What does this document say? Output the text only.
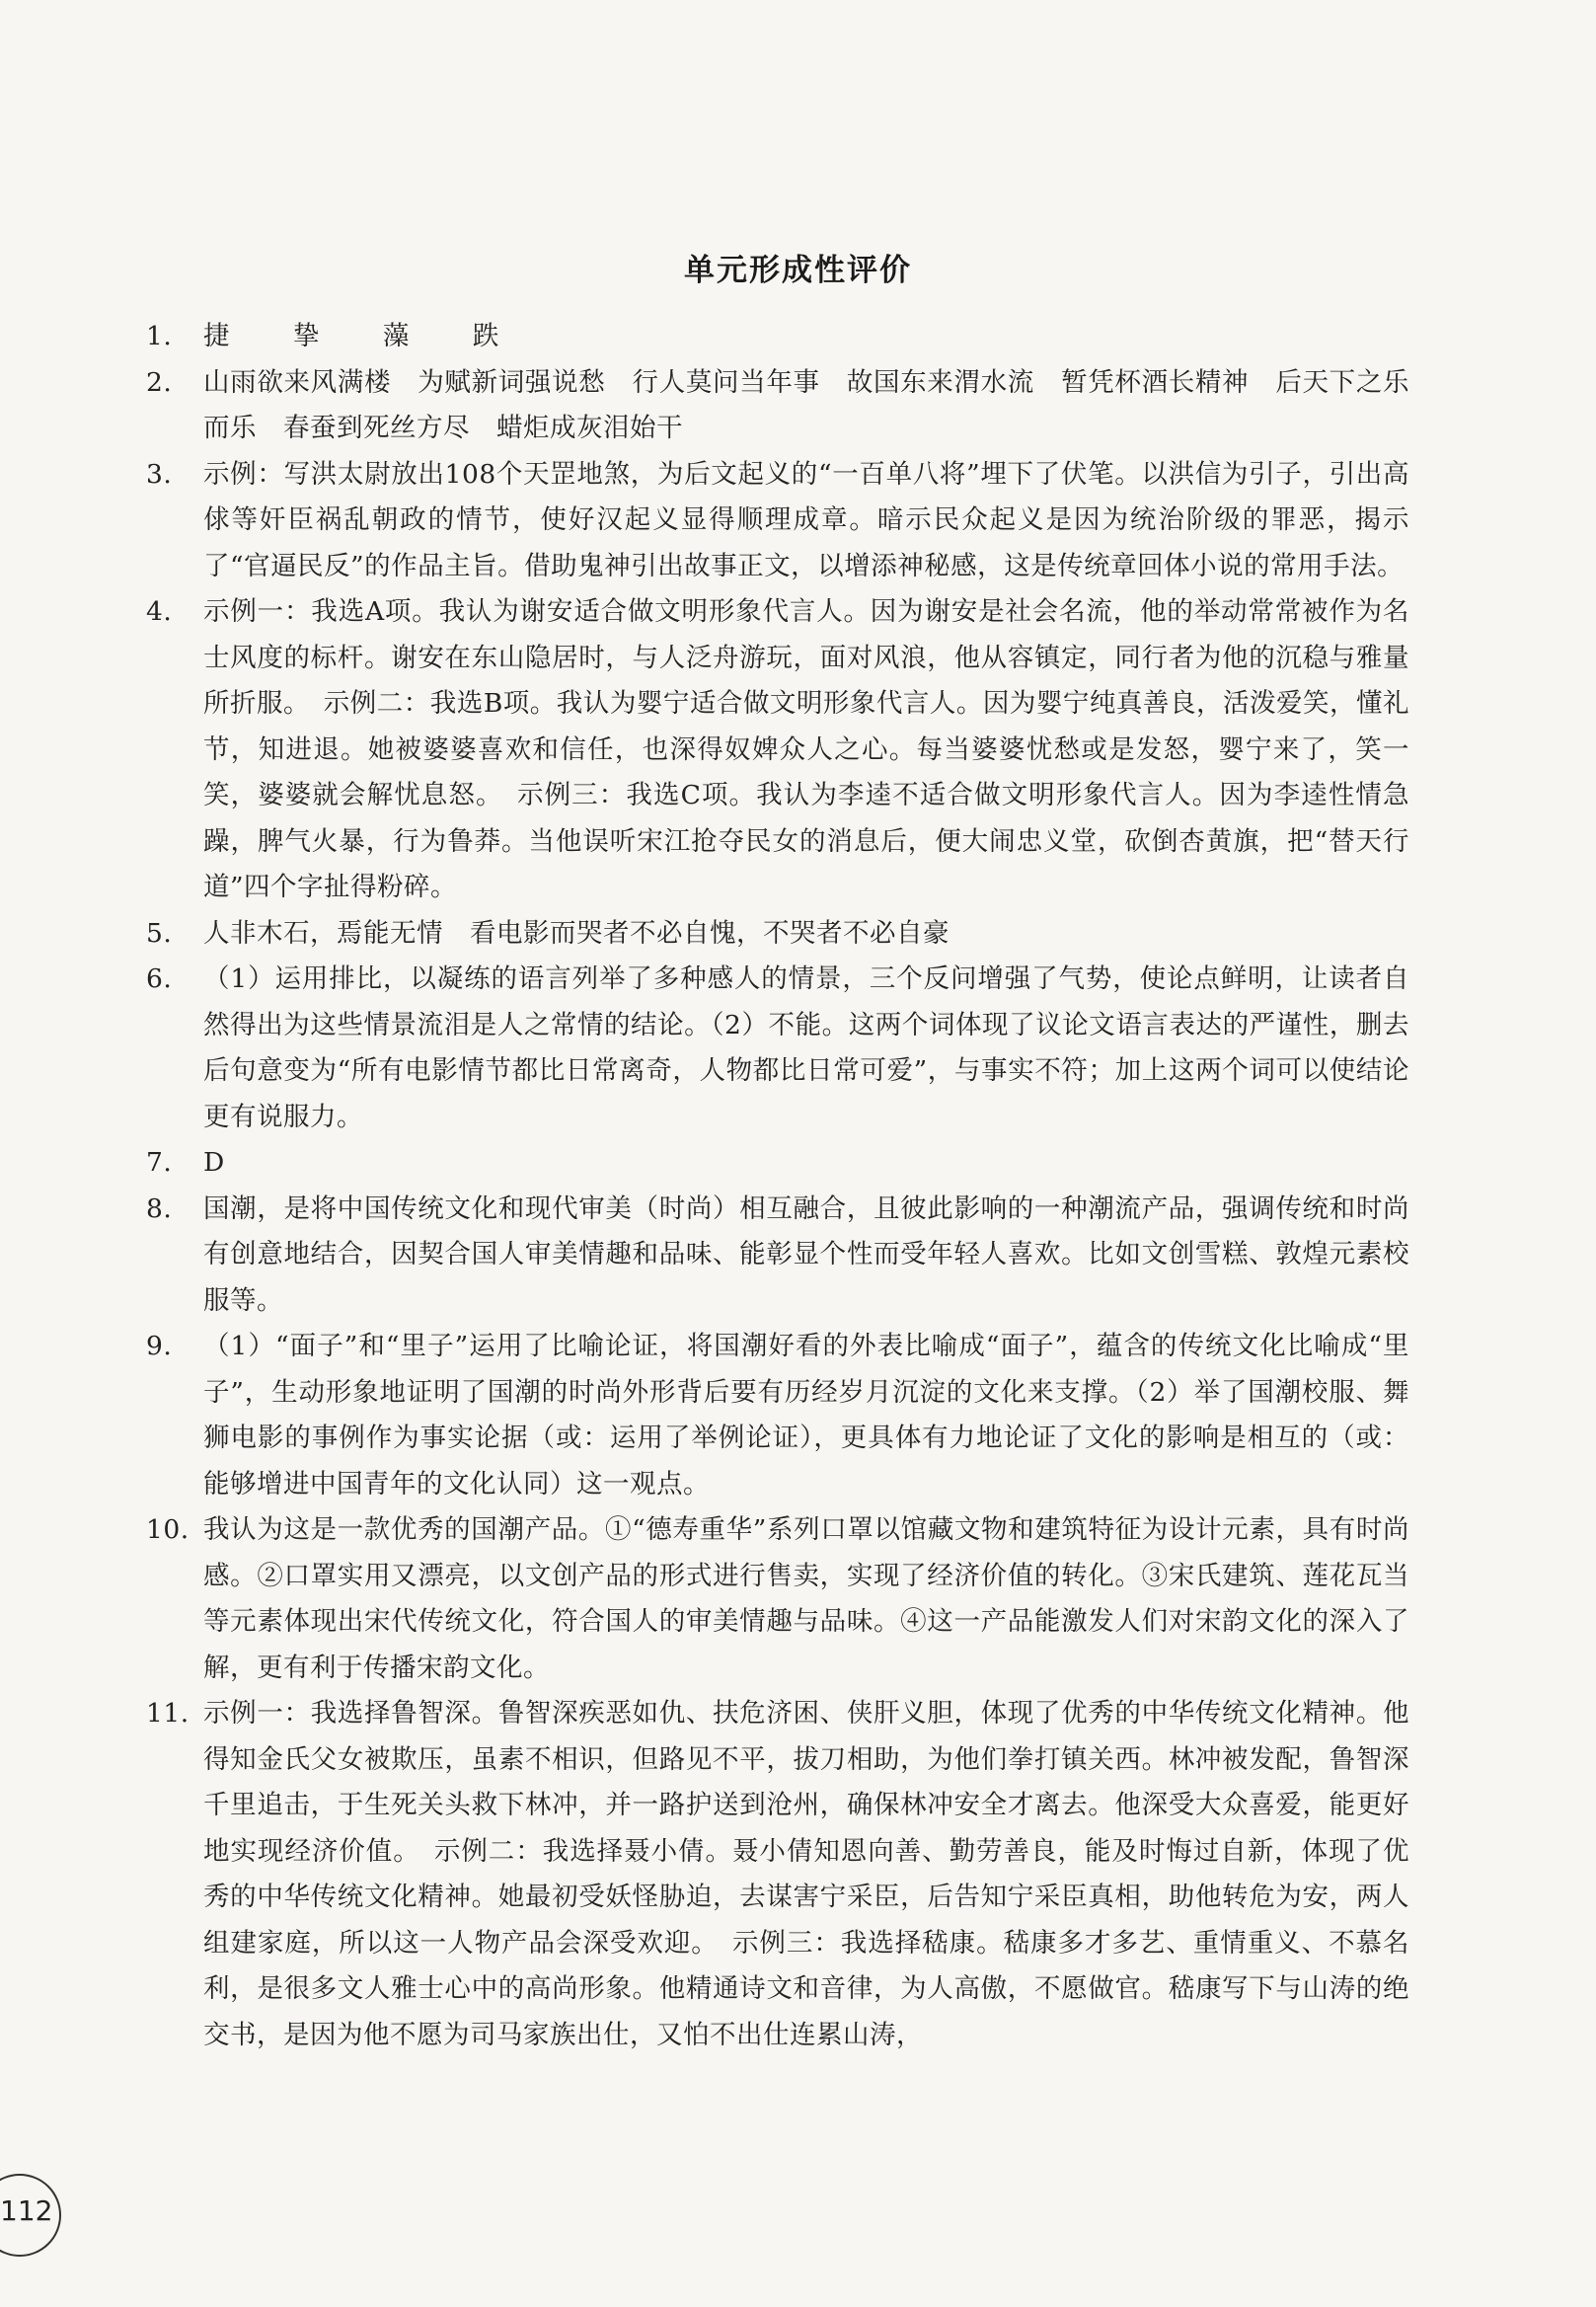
单元形成性评价
1.	捷 挚 藻 跌
2.	山雨欲来风满楼　为赋新词强说愁　行人莫问当年事　故国东来渭水流　暂凭杯酒长精神　后天下之乐而乐　春蚕到死丝方尽　蜡炬成灰泪始干
3.	示例：写洪太尉放出108个天罡地煞，为后文起义的“一百单八将”埋下了伏笔。以洪信为引子，引出高俅等奸臣祸乱朝政的情节，使好汉起义显得顺理成章。暗示民众起义是因为统治阶级的罪恶，揭示了“官逼民反”的作品主旨。借助鬼神引出故事正文，以增添神秘感，这是传统章回体小说的常用手法。
4.	示例一：我选A项。我认为谢安适合做文明形象代言人。因为谢安是社会名流，他的举动常常被作为名士风度的标杆。谢安在东山隐居时，与人泛舟游玩，面对风浪，他从容镇定，同行者为他的沉稳与雅量所折服。　示例二：我选B项。我认为婴宁适合做文明形象代言人。因为婴宁纯真善良，活泼爱笑，懂礼节，知进退。她被婆婆喜欢和信任，也深得奴婢众人之心。每当婆婆忧愁或是发怒，婴宁来了，笑一笑，婆婆就会解忧息怒。　示例三：我选C项。我认为李逵不适合做文明形象代言人。因为李逵性情急躁，脾气火暴，行为鲁莽。当他误听宋江抢夺民女的消息后，便大闹忠义堂，砍倒杏黄旗，把“替天行道”四个字扯得粉碎。
5.	人非木石，焉能无情　看电影而哭者不必自愧，不哭者不必自豪
6.	（1）运用排比，以凝练的语言列举了多种感人的情景，三个反问增强了气势，使论点鲜明，让读者自然得出为这些情景流泪是人之常情的结论。（2）不能。这两个词体现了议论文语言表达的严谨性，删去后句意变为“所有电影情节都比日常离奇，人物都比日常可爱”，与事实不符；加上这两个词可以使结论更有说服力。
7.	D
8.	国潮，是将中国传统文化和现代审美（时尚）相互融合，且彼此影响的一种潮流产品，强调传统和时尚有创意地结合，因契合国人审美情趣和品味、能彰显个性而受年轻人喜欢。比如文创雪糕、敦煌元素校服等。
9.	（1）“面子”和“里子”运用了比喻论证，将国潮好看的外表比喻成“面子”，蕴含的传统文化比喻成“里子”，生动形象地证明了国潮的时尚外形背后要有历经岁月沉淀的文化来支撑。（2）举了国潮校服、舞狮电影的事例作为事实论据（或：运用了举例论证），更具体有力地论证了文化的影响是相互的（或：能够增进中国青年的文化认同）这一观点。
10. 我认为这是一款优秀的国潮产品。①“德寿重华”系列口罩以馆藏文物和建筑特征为设计元素，具有时尚感。②口罩实用又漂亮，以文创产品的形式进行售卖，实现了经济价值的转化。③宋氏建筑、莲花瓦当等元素体现出宋代传统文化，符合国人的审美情趣与品味。④这一产品能激发人们对宋韵文化的深入了解，更有利于传播宋韵文化。
11. 示例一：我选择鲁智深。鲁智深疾恶如仇、扶危济困、侠肝义胆，体现了优秀的中华传统文化精神。他得知金氏父女被欺压，虽素不相识，但路见不平，拔刀相助，为他们拳打镇关西。林冲被发配，鲁智深千里追击，于生死关头救下林冲，并一路护送到沧州，确保林冲安全才离去。他深受大众喜爱，能更好地实现经济价值。　示例二：我选择聂小倩。聂小倩知恩向善、勤劳善良，能及时悔过自新，体现了优秀的中华传统文化精神。她最初受妖怪胁迫，去谋害宁采臣，后告知宁采臣真相，助他转危为安，两人组建家庭，所以这一人物产品会深受欢迎。　示例三：我选择嵇康。嵇康多才多艺、重情重义、不慕名利，是很多文人雅士心中的高尚形象。他精通诗文和音律，为人高傲，不愿做官。嵇康写下与山涛的绝交书，是因为他不愿为司马家族出仕，又怕不出仕连累山涛，
112
